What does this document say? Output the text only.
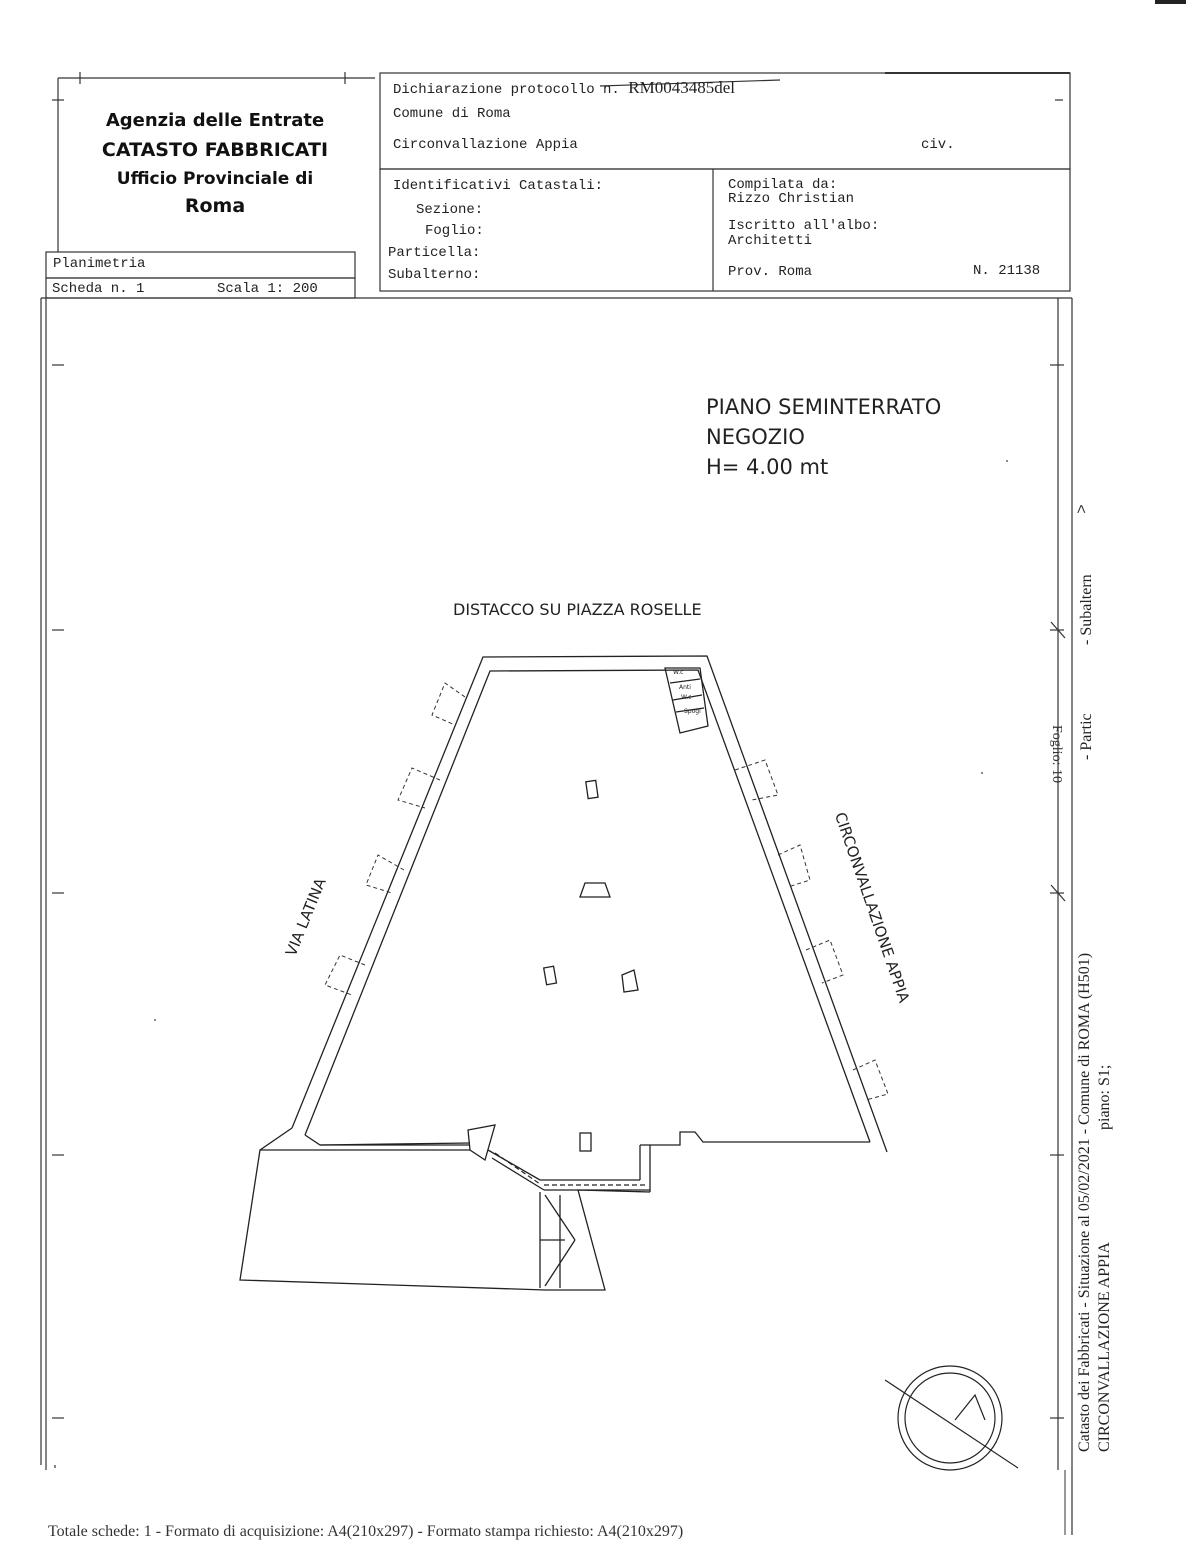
Agenzia delle Entrate
CATASTO FABBRICATI
Ufficio Provinciale di
Roma
Planimetria
Scheda n. 1	Scala 1: 200
Dichiarazione protocollo n. RM0043485del
Comune di Roma
Circonvallazione Appia	civ.
Identificativi Catastali:
Sezione:
Foglio:
Particella:
Subalterno:
Compilata da:
Rizzo Christian
Iscritto all'albo:
Architetti
Prov. Roma	N. 21138
PIANO SEMINTERRATO
NEGOZIO
H= 4.00 mt
DISTACCO SU PIAZZA ROSELLE
VIA LATINA	CIRCONVALLAZIONE APPIA
W.c
Anti
W.c
Spogl
Catasto dei Fabbricati - Situazione al 05/02/2021 - Comune di ROMA (H501) CIRCONVALLAZIONE APPIA
piano: S1;
- Subaltern
- Partic
Foglio: 10
>
Totale schede: 1 - Formato di acquisizione: A4(210x297) - Formato stampa richiesto: A4(210x297)
